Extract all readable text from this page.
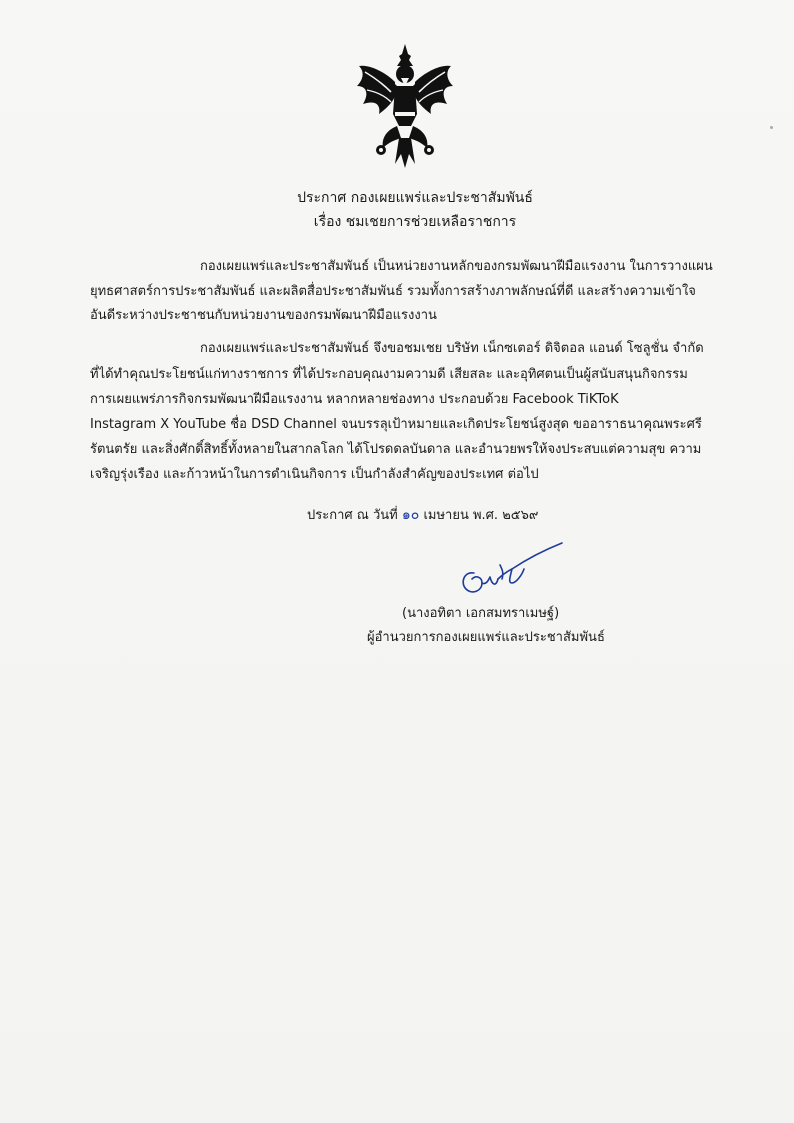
ประกาศ กองเผยแพร่และประชาสัมพันธ์
เรื่อง ชมเชยการช่วยเหลือราชการ
กองเผยแพร่และประชาสัมพันธ์ เป็นหน่วยงานหลักของกรมพัฒนาฝีมือแรงงาน ในการวางแผน
ยุทธศาสตร์การประชาสัมพันธ์ และผลิตสื่อประชาสัมพันธ์ รวมทั้งการสร้างภาพลักษณ์ที่ดี และสร้างความเข้าใจ
อันดีระหว่างประชาชนกับหน่วยงานของกรมพัฒนาฝีมือแรงงาน
กองเผยแพร่และประชาสัมพันธ์ จึงขอชมเชย บริษัท เน็กซเตอร์ ดิจิตอล แอนด์ โซลูชั่น จำกัด
ที่ได้ทำคุณประโยชน์แก่ทางราชการ ที่ได้ประกอบคุณงามความดี เสียสละ และอุทิศตนเป็นผู้สนับสนุนกิจกรรม
การเผยแพร่ภารกิจกรมพัฒนาฝีมือแรงงาน หลากหลายช่องทาง ประกอบด้วย Facebook TiKToK
Instagram X YouTube ชื่อ DSD Channel จนบรรลุเป้าหมายและเกิดประโยชน์สูงสุด ขออาราธนาคุณพระศรี
รัตนตรัย และสิ่งศักดิ์สิทธิ์ทั้งหลายในสากลโลก ได้โปรดดลบันดาล และอำนวยพรให้จงประสบแต่ความสุข ความ
เจริญรุ่งเรือง และก้าวหน้าในการดำเนินกิจการ เป็นกำลังสำคัญของประเทศ ต่อไป
ประกาศ ณ วันที่ ๑๐ เมษายน พ.ศ. ๒๕๖๙
(นางอทิตา เอกสมทราเมษฐ์)
ผู้อำนวยการกองเผยแพร่และประชาสัมพันธ์
